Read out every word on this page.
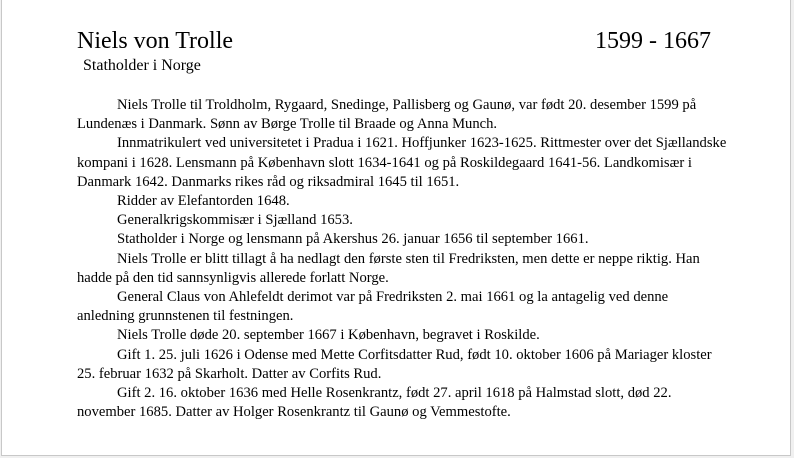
Niels von Trolle	1599 - 1667
Statholder i Norge

Niels Trolle til Troldholm, Rygaard, Snedinge, Pallisberg og Gaunø, var født 20. desember 1599 på Lundenæs i Danmark. Sønn av Børge Trolle til Braade og Anna Munch.

Innmatrikulert ved universitetet i Pradua i 1621. Hoffjunker 1623-1625. Rittmester over det Sjællandske kompani i 1628. Lensmann på København slott 1634-1641 og på Roskildegaard 1641-56. Landkomisær i Danmark 1642. Danmarks rikes råd og riksadmiral 1645 til 1651.

Ridder av Elefantorden 1648.

Generalkrigskommisær i Sjælland 1653.

Statholder i Norge og lensmann på Akershus 26. januar 1656 til september 1661.

Niels Trolle er blitt tillagt å ha nedlagt den første sten til Fredriksten, men dette er neppe riktig. Han hadde på den tid sannsynligvis allerede forlatt Norge.

General Claus von Ahlefeldt derimot var på Fredriksten 2. mai 1661 og la antagelig ved denne anledning grunnstenen til festningen.

Niels Trolle døde 20. september 1667 i København, begravet i Roskilde.

Gift 1. 25. juli 1626 i Odense med Mette Corfitsdatter Rud, født 10. oktober 1606 på Mariager kloster 25. februar 1632 på Skarholt. Datter av Corfits Rud.

Gift 2. 16. oktober 1636 med Helle Rosenkrantz, født 27. april 1618 på Halmstad slott, død 22. november 1685. Datter av Holger Rosenkrantz til Gaunø og Vemmestofte.
